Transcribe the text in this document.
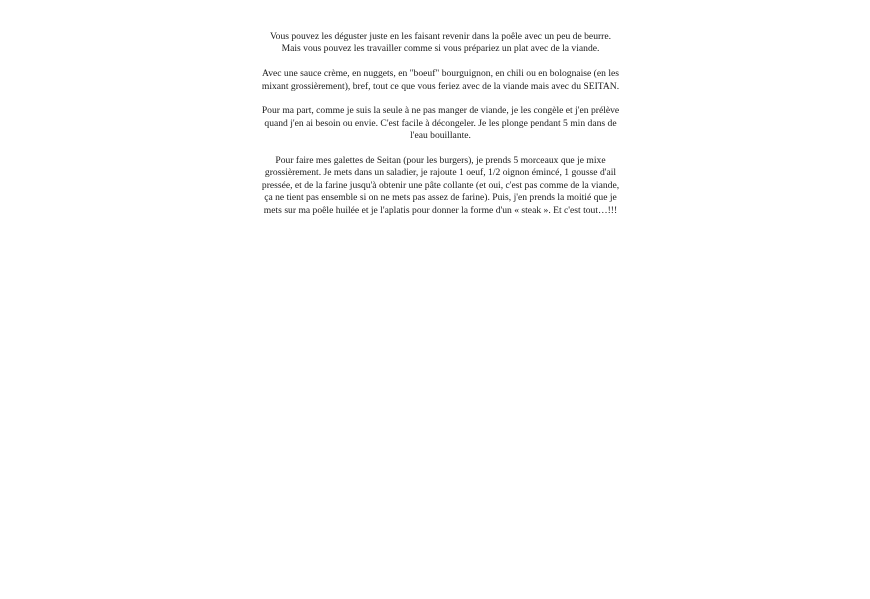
Vous pouvez les déguster juste en les faisant revenir dans la poêle avec un peu de beurre.
Mais vous pouvez les travailler comme si vous prépariez un plat avec de la viande.

Avec une sauce crème, en nuggets, en "boeuf" bourguignon, en chili ou en bolognaise (en les
mixant grossièrement), bref, tout ce que vous feriez avec de la viande mais avec du SEITAN.

Pour ma part, comme je suis la seule à ne pas manger de viande, je les congèle et j'en prélève
quand j'en ai besoin ou envie. C'est facile à décongeler. Je les plonge pendant 5 min dans de
l'eau bouillante.

Pour faire mes galettes de Seitan (pour les burgers), je prends 5 morceaux que je mixe
grossièrement. Je mets dans un saladier, je rajoute 1 oeuf, 1/2 oignon émincé, 1 gousse d'ail
pressée, et de la farine jusqu'à obtenir une pâte collante (et oui, c'est pas comme de la viande,
ça ne tient pas ensemble si on ne mets pas assez de farine). Puis, j'en prends la moitié que je
mets sur ma poêle huilée et je l'aplatis pour donner la forme d'un « steak ». Et c'est tout…!!!
